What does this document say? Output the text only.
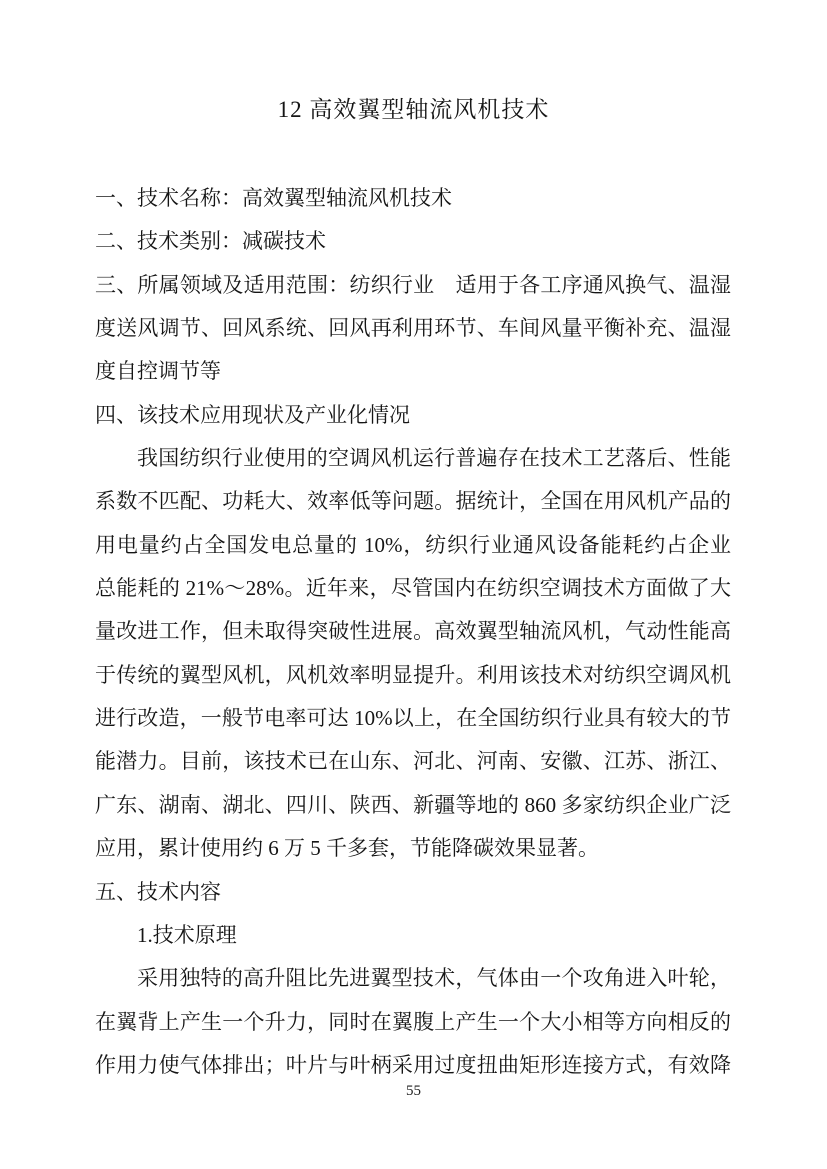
12 高效翼型轴流风机技术
一、技术名称：高效翼型轴流风机技术
二、技术类别：减碳技术
三、所属领域及适用范围：纺织行业　适用于各工序通风换气、温湿
度送风调节、回风系统、回风再利用环节、车间风量平衡补充、温湿
度自控调节等
四、该技术应用现状及产业化情况
我国纺织行业使用的空调风机运行普遍存在技术工艺落后、性能
系数不匹配、功耗大、效率低等问题。据统计，全国在用风机产品的
用电量约占全国发电总量的 10%，纺织行业通风设备能耗约占企业
总能耗的 21%～28%。近年来，尽管国内在纺织空调技术方面做了大
量改进工作，但未取得突破性进展。高效翼型轴流风机，气动性能高
于传统的翼型风机，风机效率明显提升。利用该技术对纺织空调风机
进行改造，一般节电率可达 10%以上，在全国纺织行业具有较大的节
能潜力。目前，该技术已在山东、河北、河南、安徽、江苏、浙江、
广东、湖南、湖北、四川、陕西、新疆等地的 860 多家纺织企业广泛
应用，累计使用约 6 万 5 千多套，节能降碳效果显著。
五、技术内容
1.技术原理
采用独特的高升阻比先进翼型技术，气体由一个攻角进入叶轮，
在翼背上产生一个升力，同时在翼腹上产生一个大小相等方向相反的
作用力使气体排出；叶片与叶柄采用过度扭曲矩形连接方式，有效降
55
